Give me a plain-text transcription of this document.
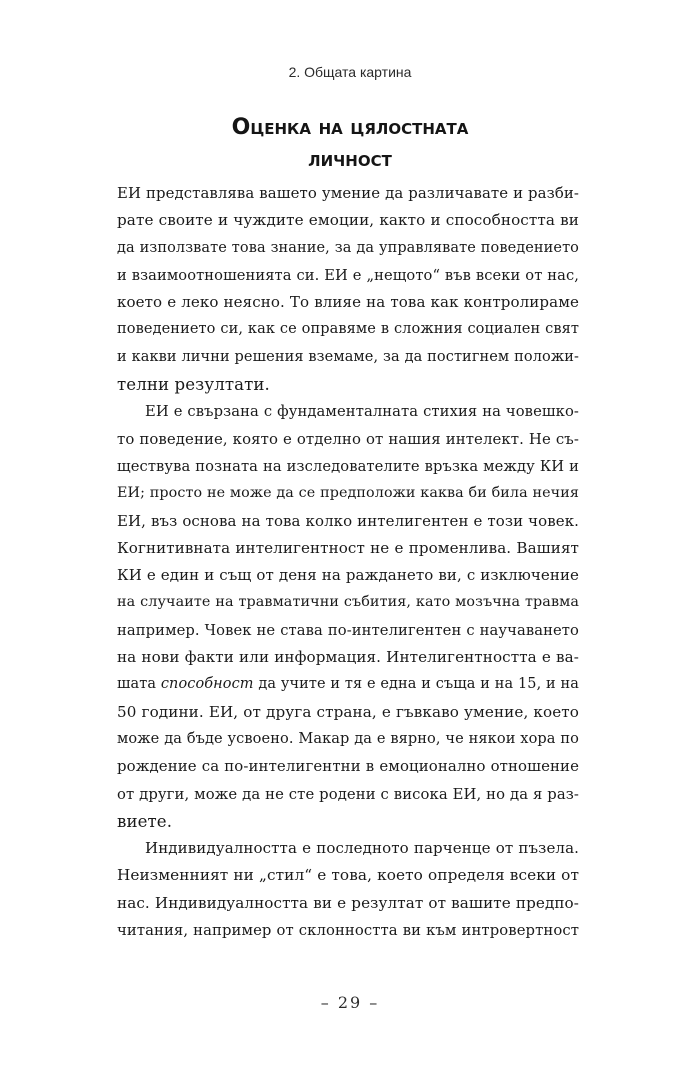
2. Общата картина
Оценка на цялостната
личност

ЕИ представлява вашето умение да различавате и разби-
рате своите и чуждите емоции, както и способността ви
да използвате това знание, за да управлявате поведението
и взаимоотношенията си. ЕИ е „нещото“ във всеки от нас,
което е леко неясно. То влияе на това как контролираме
поведението си, как се оправяме в сложния социален свят
и какви лични решения вземаме, за да постигнем положи-
телни резултати.

ЕИ е свързана с фундаменталната стихия на човешко-
то поведение, която е отделно от нашия интелект. Не съ-
ществува позната на изследователите връзка между КИ и
ЕИ; просто не може да се предположи каква би била нечия
ЕИ, въз основа на това колко интелигентен е този човек.
Когнитивната интелигентност не е променлива. Вашият
КИ е един и същ от деня на раждането ви, с изключение
на случаите на травматични събития, като мозъчна травма
например. Човек не става по-интелигентен с научаването
на нови факти или информация. Интелигентността е ва-
шата способност да учите и тя е една и съща и на 15, и на
50 години. ЕИ, от друга страна, е гъвкаво умение, което
може да бъде усвоено. Макар да е вярно, че някои хора по
рождение са по-интелигентни в емоционално отношение
от други, може да не сте родени с висока ЕИ, но да я раз-
виете.

Индивидуалността е последното парченце от пъзела.
Неизменният ни „стил“ е това, което определя всеки от
нас. Индивидуалността ви е резултат от вашите предпо-
читания, например от склонността ви към интровертност

– 29 –
